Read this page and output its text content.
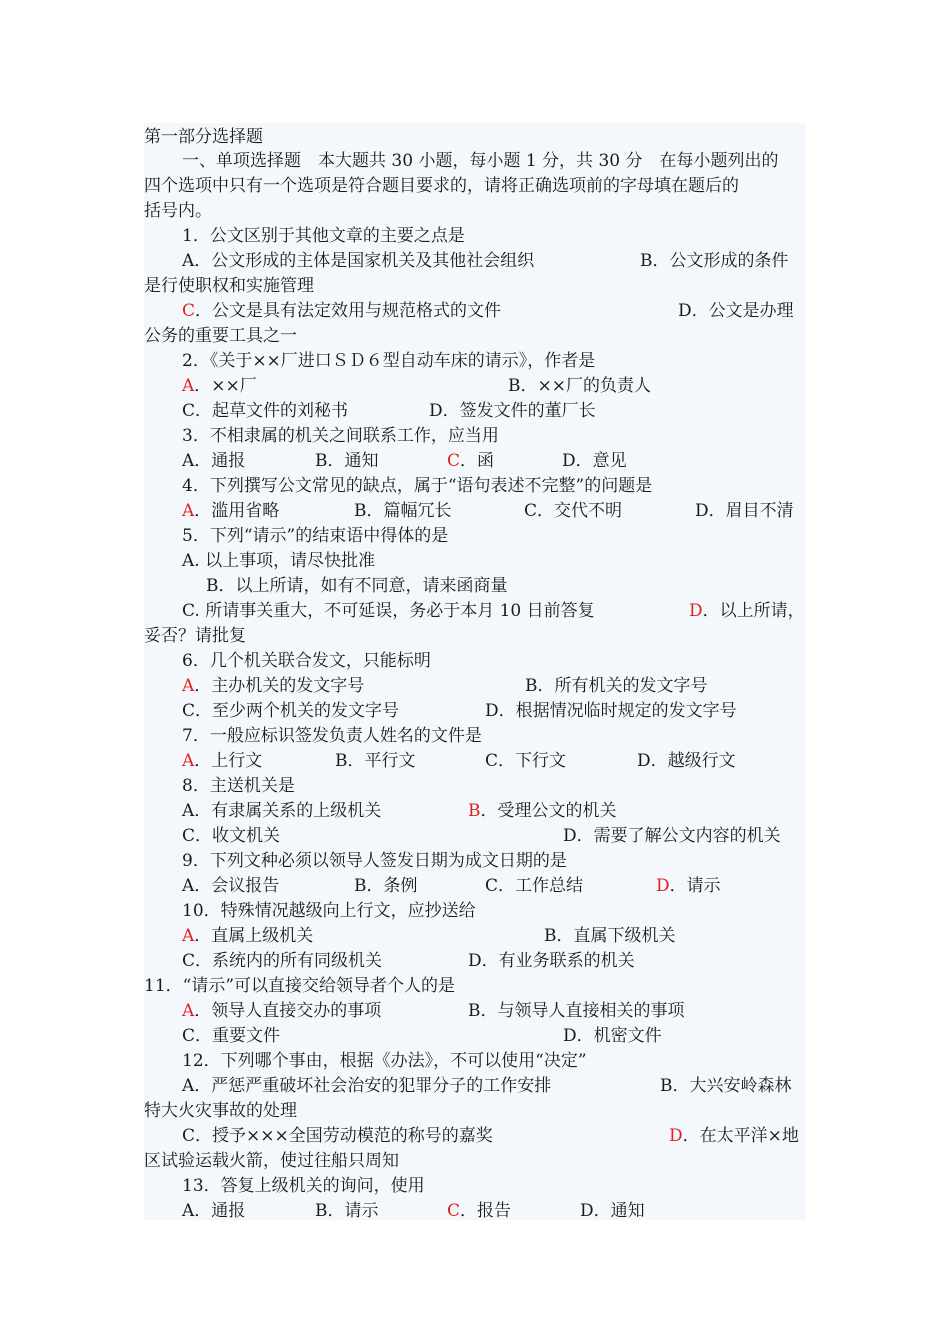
第一部分选择题
一、单项选择题　本大题共 30 小题，每小题 1 分，共 30 分　在每小题列出的
四个选项中只有一个选项是符合题目要求的，请将正确选项前的字母填在题后的
括号内。
1．公文区别于其他文章的主要之点是
A．公文形成的主体是国家机关及其他社会组织	B．公文形成的条件
是行使职权和实施管理
C．公文是具有法定效用与规范格式的文件	D．公文是办理
公务的重要工具之一
2．《关于××厂进口ＳＤ６型自动车床的请示》，作者是
A．××厂	B．××厂的负责人
C．起草文件的刘秘书	D．签发文件的董厂长
3．不相隶属的机关之间联系工作，应当用
A．通报	B．通知	C．函	D．意见
4．下列撰写公文常见的缺点，属于“语句表述不完整”的问题是
A．滥用省略	B．篇幅冗长	C．交代不明	D．眉目不清
5．下列“请示”的结束语中得体的是
A. 以上事项，请尽快批准
B．以上所请，如有不同意，请来函商量
C. 所请事关重大，不可延误，务必于本月 10 日前答复	D．以上所请，
妥否？请批复
6．几个机关联合发文，只能标明
A．主办机关的发文字号	B．所有机关的发文字号
C．至少两个机关的发文字号	D．根据情况临时规定的发文字号
7．一般应标识签发负责人姓名的文件是
A．上行文	B．平行文	C．下行文	D．越级行文
8．主送机关是
A．有隶属关系的上级机关	B．受理公文的机关
C．收文机关	D．需要了解公文内容的机关
9．下列文种必须以领导人签发日期为成文日期的是
A．会议报告	B．条例	C．工作总结	D．请示
10．特殊情况越级向上行文，应抄送给
A．直属上级机关	B．直属下级机关
C．系统内的所有同级机关	D．有业务联系的机关
11．“请示”可以直接交给领导者个人的是
A．领导人直接交办的事项	B．与领导人直接相关的事项
C．重要文件	D．机密文件
12．下列哪个事由，根据《办法》，不可以使用“决定”
A．严惩严重破坏社会治安的犯罪分子的工作安排	B．大兴安岭森林
特大火灾事故的处理
C．授予×××全国劳动模范的称号的嘉奖	D．在太平洋×地
区试验运载火箭，使过往船只周知
13．答复上级机关的询问，使用
A．通报	B．请示	C．报告	D．通知
